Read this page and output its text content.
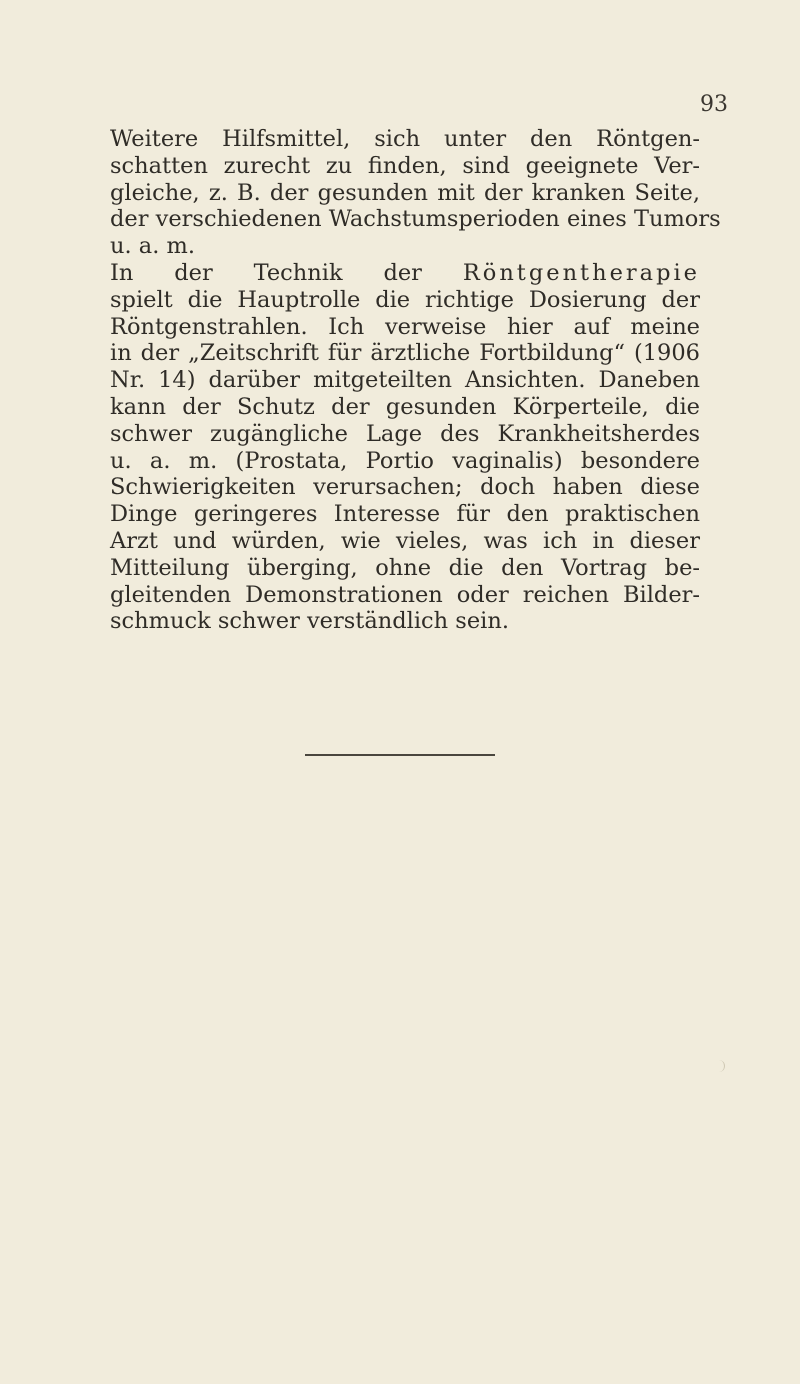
93
Weitere Hilfsmittel, sich unter den Röntgen-
schatten zurecht zu finden, sind geeignete Ver-
gleiche, z. B. der gesunden mit der kranken Seite,
der verschiedenen Wachstumsperioden eines Tumors
u. a. m.
In der Technik der Röntgentherapie
spielt die Hauptrolle die richtige Dosierung der
Röntgenstrahlen. Ich verweise hier auf meine
in der „Zeitschrift für ärztliche Fortbildung“ (1906
Nr. 14) darüber mitgeteilten Ansichten. Daneben
kann der Schutz der gesunden Körperteile, die
schwer zugängliche Lage des Krankheitsherdes
u. a. m. (Prostata, Portio vaginalis) besondere
Schwierigkeiten verursachen; doch haben diese
Dinge geringeres Interesse für den praktischen
Arzt und würden, wie vieles, was ich in dieser
Mitteilung überging, ohne die den Vortrag be-
gleitenden Demonstrationen oder reichen Bilder-
schmuck schwer verständlich sein.
